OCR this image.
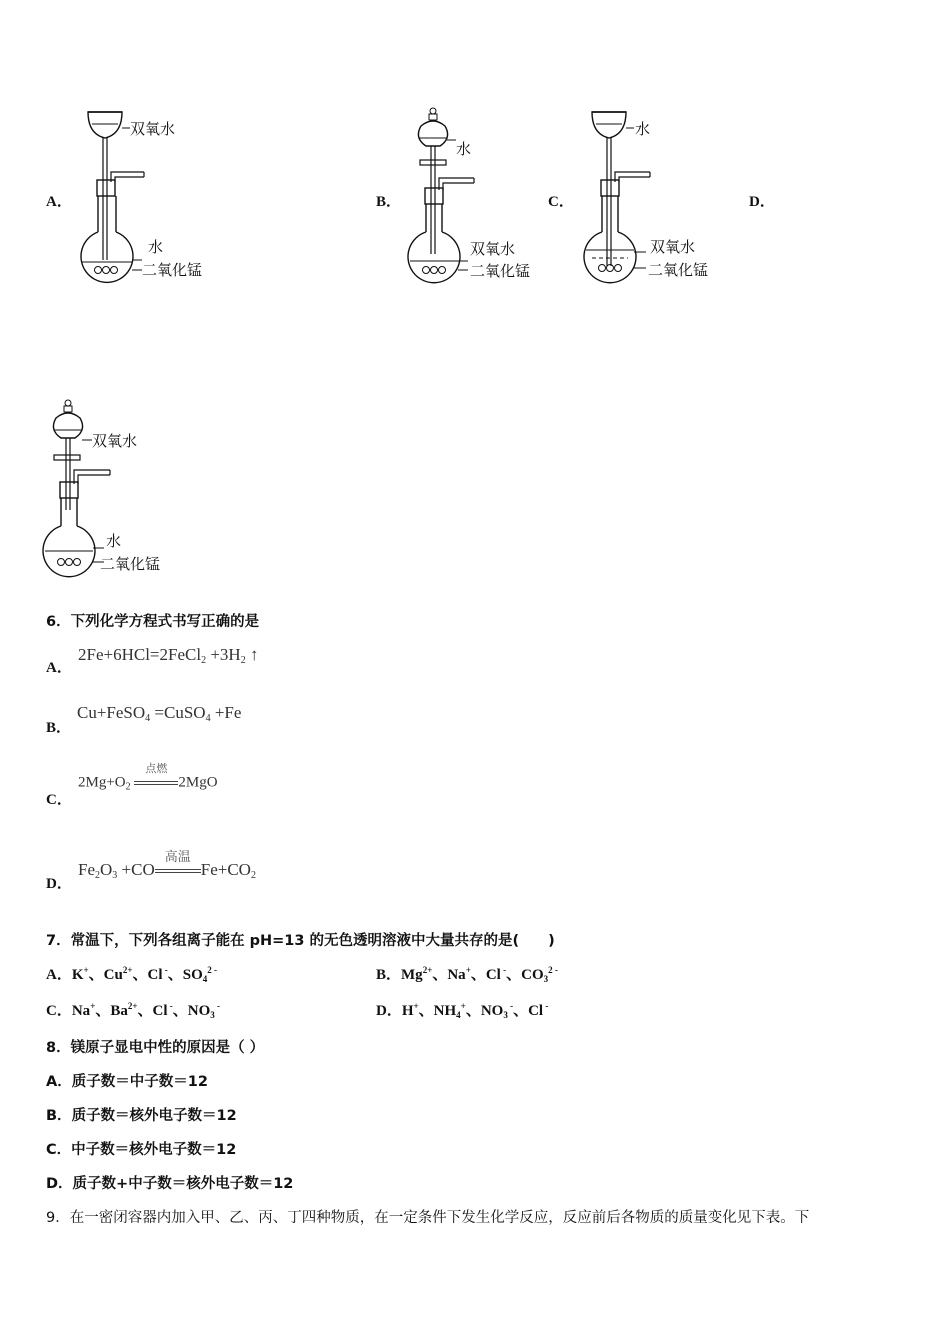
A．
双氧水
水
二氧化锰
B．
水
双氧水
二氧化锰
C．
水
双氧水
二氧化锰
D．
双氧水
水
二氧化锰
6．下列化学方程式书写正确的是
A．
2Fe+6HCl=2FeCl$_2$ $+3H_2$ ↑
B．
Cu+FeSO$_4$ =CuSO$_4$ +Fe
C．
$2Mg+O_2$
点燃
2MgO
D．
$Fe_2O_3 +CO$
高温
$Fe+CO_2$
7．常温下，下列各组离子能在 pH=13 的无色透明溶液中大量共存的是(　　)
A．K+、$Cu^{2+}$、Cl -、$SO_4^{2 -}$	B．$Mg^{2+}$、Na+、Cl -、$CO_3^{2 -}$
C．Na+、$Ba^{2+}$、Cl -、$NO_3$ -	D．H+、$NH_4^+$、$NO_3$ -、Cl -
8．镁原子显电中性的原因是（ ）
A．质子数＝中子数＝12
B．质子数＝核外电子数＝12
C．中子数＝核外电子数＝12
D．质子数+中子数＝核外电子数＝12
9．在一密闭容器内加入甲、乙、丙、丁四种物质，在一定条件下发生化学反应，反应前后各物质的质量变化见下表。下
